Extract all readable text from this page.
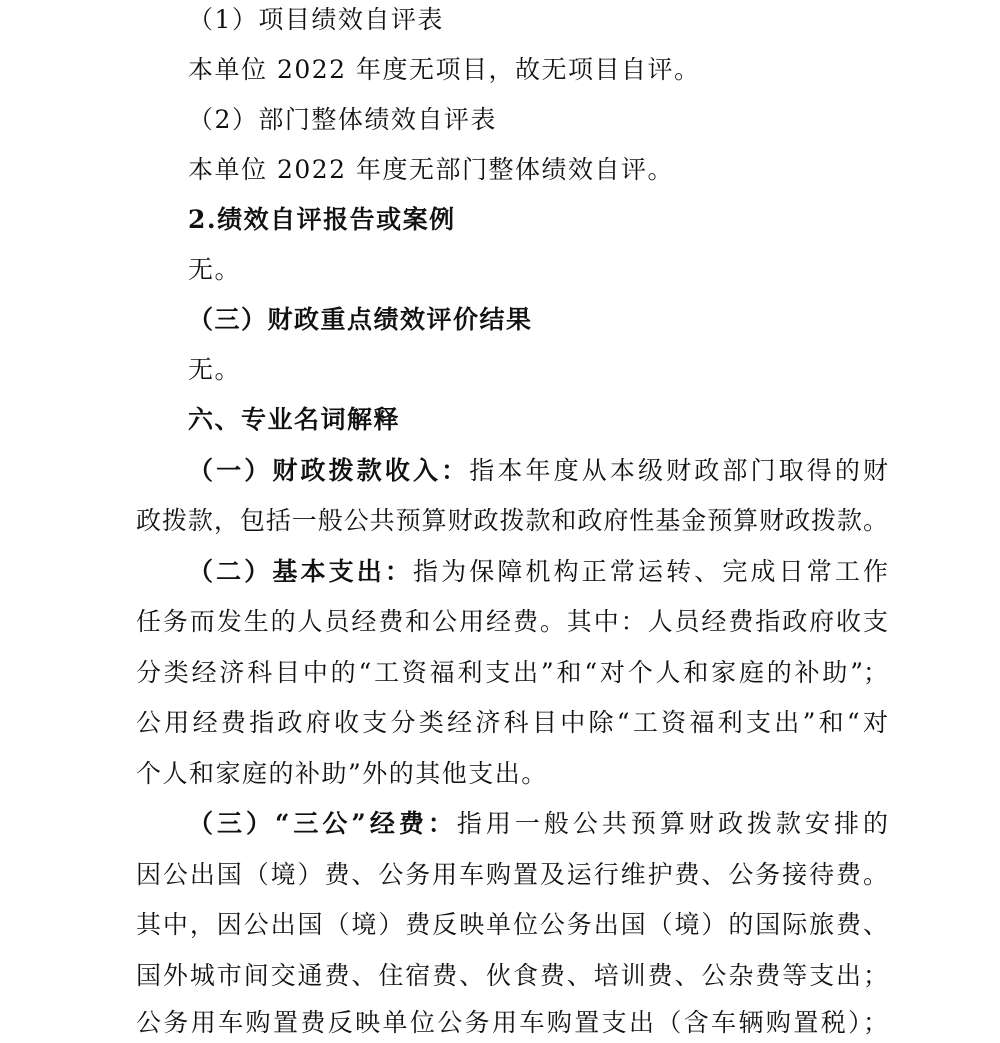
（1）项目绩效自评表
本单位 2022 年度无项目，故无项目自评。
（2）部门整体绩效自评表
本单位 2022 年度无部门整体绩效自评。
2.绩效自评报告或案例
无。
（三）财政重点绩效评价结果
无。
六、专业名词解释
（一）财政拨款收入：指本年度从本级财政部门取得的财
政拨款，包括一般公共预算财政拨款和政府性基金预算财政拨款。
（二）基本支出：指为保障机构正常运转、完成日常工作
任务而发生的人员经费和公用经费。其中：人员经费指政府收支
分类经济科目中的“工资福利支出”和“对个人和家庭的补助”；
公用经费指政府收支分类经济科目中除“工资福利支出”和“对
个人和家庭的补助”外的其他支出。
（三）“三公”经费：指用一般公共预算财政拨款安排的
因公出国（境）费、公务用车购置及运行维护费、公务接待费。
其中，因公出国（境）费反映单位公务出国（境）的国际旅费、
国外城市间交通费、住宿费、伙食费、培训费、公杂费等支出；
公务用车购置费反映单位公务用车购置支出（含车辆购置税）；
